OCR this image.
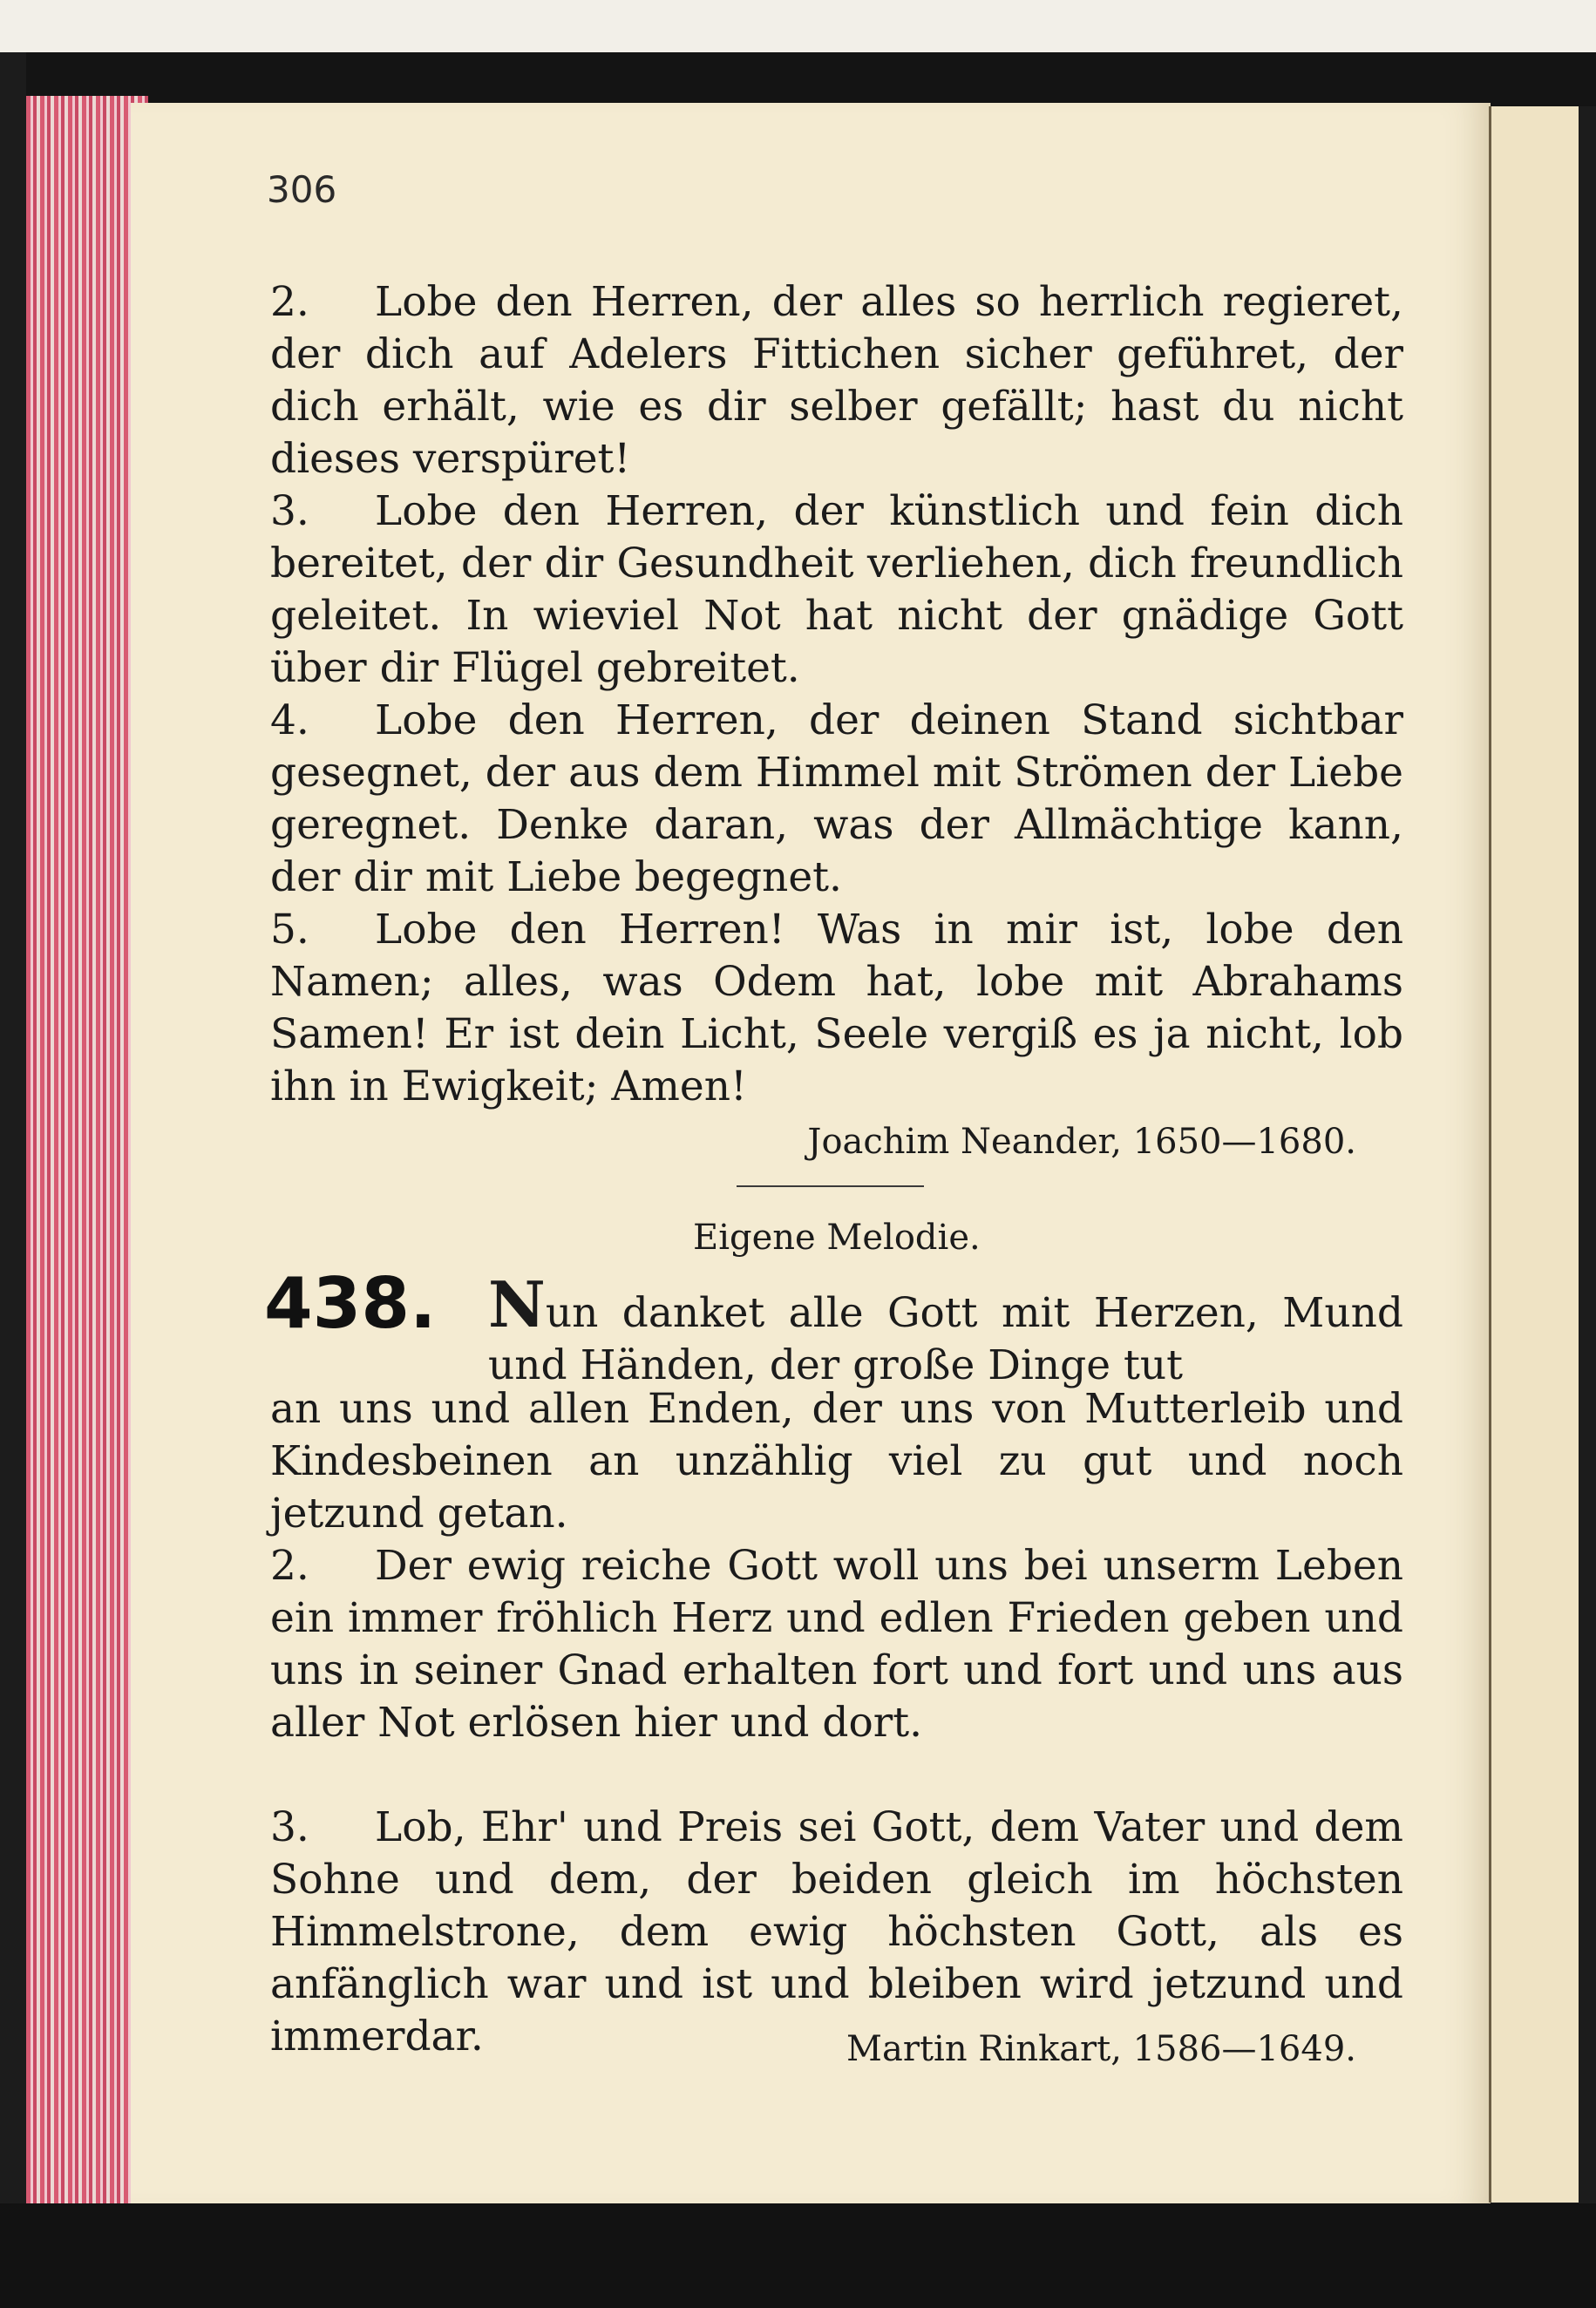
306

2. Lobe den Herren, der alles so herrlich regieret, der dich auf Adelers Fittichen sicher geführet, der dich erhält, wie es dir selber gefällt; hast du nicht dieses verspüret!

3. Lobe den Herren, der künstlich und fein dich bereitet, der dir Gesundheit verliehen, dich freundlich geleitet. In wieviel Not hat nicht der gnädige Gott über dir Flügel gebreitet.

4. Lobe den Herren, der deinen Stand sichtbar gesegnet, der aus dem Himmel mit Strömen der Liebe geregnet. Denke daran, was der Allmächtige kann, der dir mit Liebe begegnet.

5. Lobe den Herren! Was in mir ist, lobe den Namen; alles, was Odem hat, lobe mit Abrahams Samen! Er ist dein Licht, Seele vergiß es ja nicht, lob ihn in Ewigkeit; Amen!

Joachim Neander, 1650—1680.

Eigene Melodie.

438. Nun danket alle Gott mit Herzen, Mund und Händen, der große Dinge tut

an uns und allen Enden, der uns von Mutterleib und Kindesbeinen an unzählig viel zu gut und noch jetzund getan.

2. Der ewig reiche Gott woll uns bei unserm Leben ein immer fröhlich Herz und edlen Frieden geben und uns in seiner Gnad erhalten fort und fort und uns aus aller Not erlösen hier und dort.

3. Lob, Ehr' und Preis sei Gott, dem Vater und dem Sohne und dem, der beiden gleich im höchsten Himmelstrone, dem ewig höchsten Gott, als es anfänglich war und ist und bleiben wird jetzund und immerdar.	Martin Rinkart, 1586—1649.
